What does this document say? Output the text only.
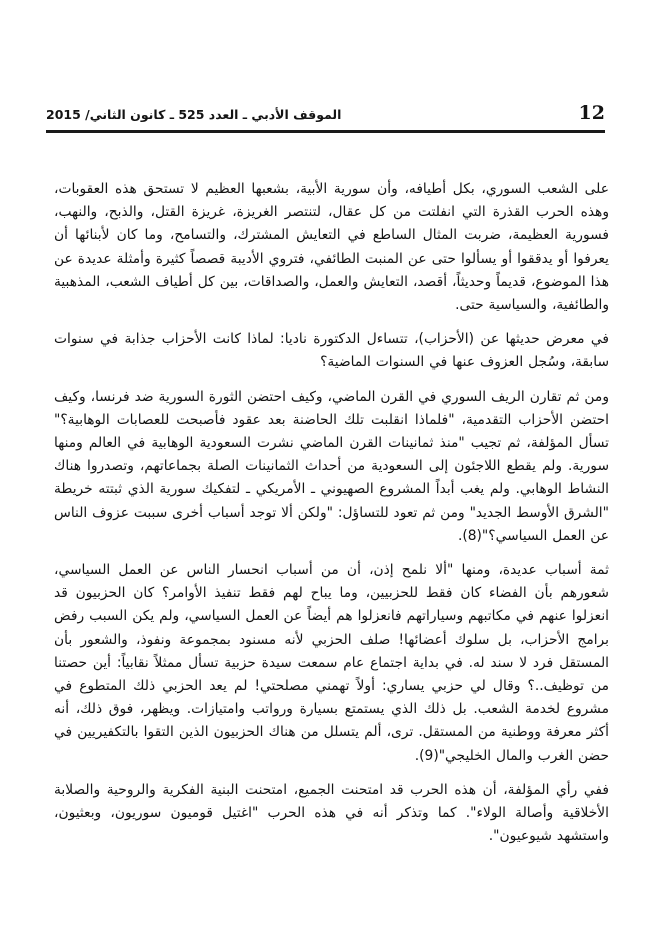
12
الموقف الأدبي ـ العدد 525 ـ كانون الثاني/ 2015

على الشعب السوري، بكل أطيافه، وأن سورية الأبية، بشعبها العظيم لا تستحق هذه العقوبات، وهذه الحرب القذرة التي انفلتت من كل عقال، لتنتصر الغريزة، غريزة القتل، والذبح، والنهب، فسورية العظيمة، ضربت المثال الساطع في التعايش المشترك، والتسامح، وما كان لأبنائها أن يعرفوا أو يدققوا أو يسألوا حتى عن المنبت الطائفي، فتروي الأديبة قصصاً كثيرة وأمثلة عديدة عن هذا الموضوع، قديماً وحديثاً، أقصد، التعايش والعمل، والصداقات، بين كل أطياف الشعب، المذهبية والطائفية، والسياسية حتى.

في معرض حديثها عن (الأحزاب)، تتساءل الدكتورة ناديا: لماذا كانت الأحزاب جذابة في سنوات سابقة، وسُجل العزوف عنها في السنوات الماضية؟

ومن ثم تقارن الريف السوري في القرن الماضي، وكيف احتضن الثورة السورية ضد فرنسا، وكيف احتضن الأحزاب التقدمية، "فلماذا انقلبت تلك الحاضنة بعد عقود فأصبحت للعصابات الوهابية؟" تسأل المؤلفة، ثم تجيب "منذ ثمانينات القرن الماضي نشرت السعودية الوهابية في العالم ومنها سورية. ولم يقطع اللاجئون إلى السعودية من أحداث الثمانينات الصلة بجماعاتهم، وتصدروا هناك النشاط الوهابي. ولم يغب أبداً المشروع الصهيوني ـ الأمريكي ـ لتفكيك سورية الذي ثبتته خريطة "الشرق الأوسط الجديد" ومن ثم تعود للتساؤل: "ولكن ألا توجد أسباب أخرى سببت عزوف الناس عن العمل السياسي؟"(8).

ثمة أسباب عديدة، ومنها "ألا نلمح إذن، أن من أسباب انحسار الناس عن العمل السياسي، شعورهم بأن الفضاء كان فقط للحزبيين، وما يباح لهم فقط تنفيذ الأوامر؟ كان الحزبيون قد انعزلوا عنهم في مكاتبهم وسياراتهم فانعزلوا هم أيضاً عن العمل السياسي، ولم يكن السبب رفض برامج الأحزاب، بل سلوك أعضائها! صلف الحزبي لأنه مسنود بمجموعة ونفوذ، والشعور بأن المستقل فرد لا سند له. في بداية اجتماع عام سمعت سيدة حزبية تسأل ممثلاً نقابياً: أين حصتنا من توظيف..؟ وقال لي حزبي يساري: أولاً تهمني مصلحتي! لم يعد الحزبي ذلك المتطوع في مشروع لخدمة الشعب. بل ذلك الذي يستمتع بسيارة ورواتب وامتيازات. ويظهر، فوق ذلك، أنه أكثر معرفة ووطنية من المستقل. ترى، ألم يتسلل من هناك الحزبيون الذين التقوا بالتكفيريين في حضن الغرب والمال الخليجي"(9).

ففي رأي المؤلفة، أن هذه الحرب قد امتحنت الجميع، امتحنت البنية الفكرية والروحية والصلابة الأخلاقية وأصالة الولاء". كما وتذكر أنه في هذه الحرب "اغتيل قوميون سوريون، وبعثيون، واستشهد شيوعيون".
